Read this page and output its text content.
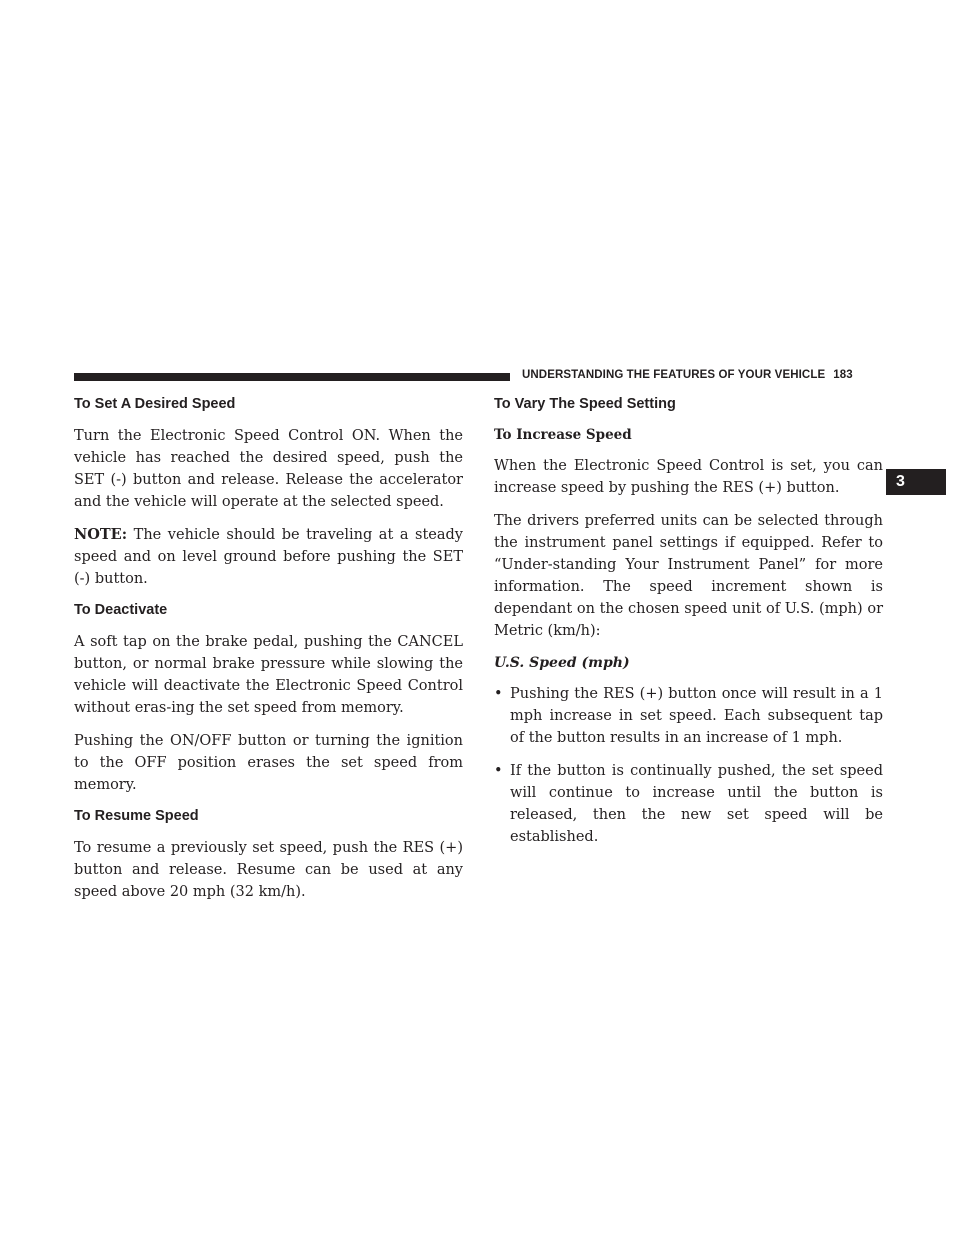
UNDERSTANDING THE FEATURES OF YOUR VEHICLE 183
3
To Set A Desired Speed

Turn the Electronic Speed Control ON. When the vehicle has reached the desired speed, push the SET (-) button and release. Release the accelerator and the vehicle will operate at the selected speed.

NOTE: The vehicle should be traveling at a steady speed and on level ground before pushing the SET (-) button.

To Deactivate

A soft tap on the brake pedal, pushing the CANCEL button, or normal brake pressure while slowing the vehicle will deactivate the Electronic Speed Control without eras-ing the set speed from memory.

Pushing the ON/OFF button or turning the ignition to the OFF position erases the set speed from memory.

To Resume Speed

To resume a previously set speed, push the RES (+) button and release. Resume can be used at any speed above 20 mph (32 km/h).

To Vary The Speed Setting
To Increase Speed

When the Electronic Speed Control is set, you can increase speed by pushing the RES (+) button.

The drivers preferred units can be selected through the instrument panel settings if equipped. Refer to “Under-standing Your Instrument Panel” for more information. The speed increment shown is dependant on the chosen speed unit of U.S. (mph) or Metric (km/h):

U.S. Speed (mph)
• Pushing the RES (+) button once will result in a 1 mph increase in set speed. Each subsequent tap of the button results in an increase of 1 mph.
• If the button is continually pushed, the set speed will continue to increase until the button is released, then the new set speed will be established.
